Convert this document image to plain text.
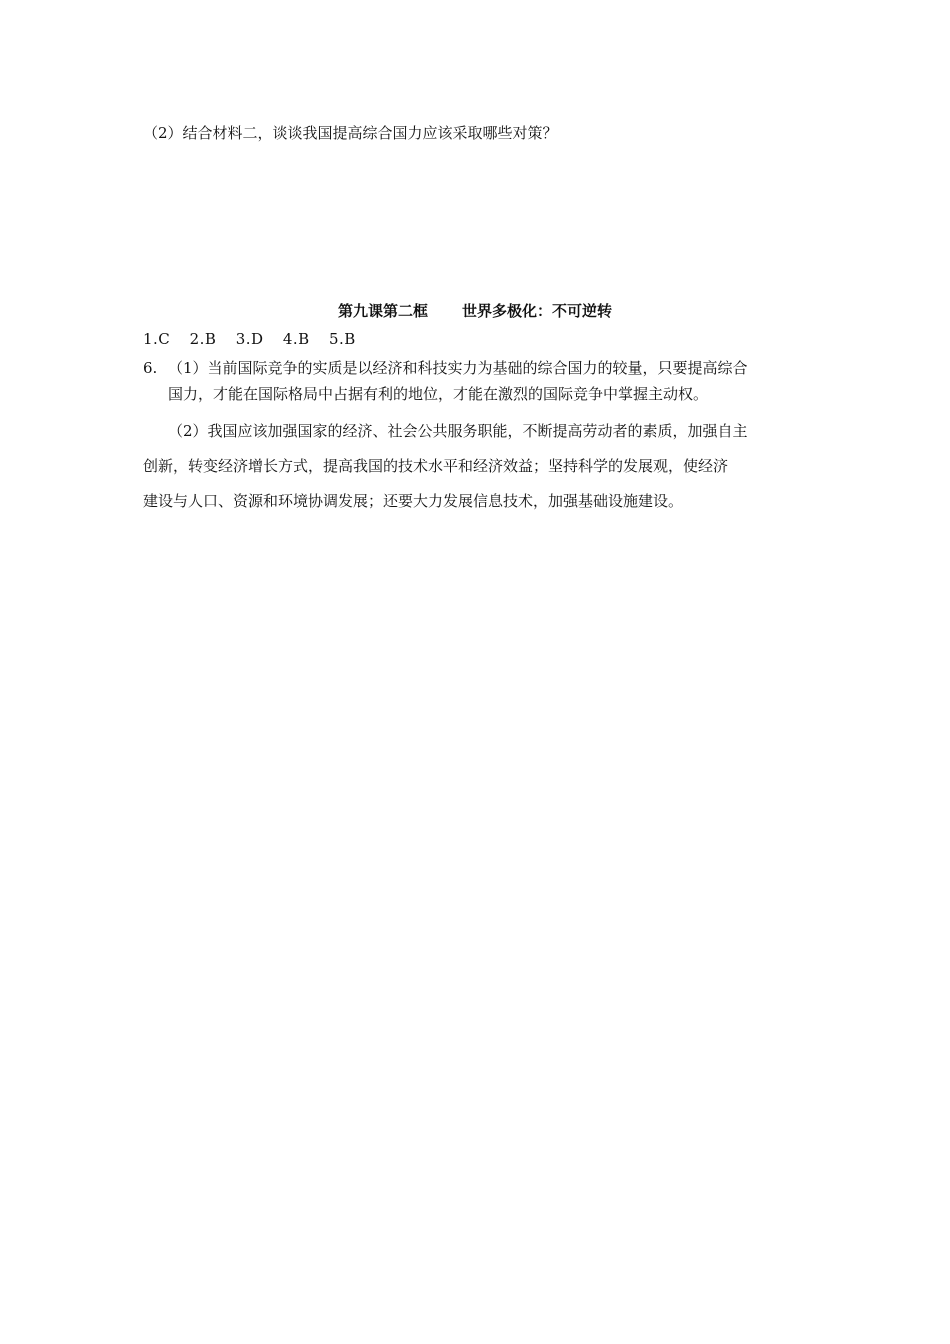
（2）结合材料二，谈谈我国提高综合国力应该采取哪些对策？
第九课第二框 世界多极化：不可逆转
1.C 2.B 3.D 4.B 5.B
6. （1）当前国际竞争的实质是以经济和科技实力为基础的综合国力的较量，只要提高综合
国力，才能在国际格局中占据有利的地位，才能在激烈的国际竞争中掌握主动权。
（2）我国应该加强国家的经济、社会公共服务职能，不断提高劳动者的素质，加强自主
创新，转变经济增长方式，提高我国的技术水平和经济效益；坚持科学的发展观，使经济
建设与人口、资源和环境协调发展；还要大力发展信息技术，加强基础设施建设。
